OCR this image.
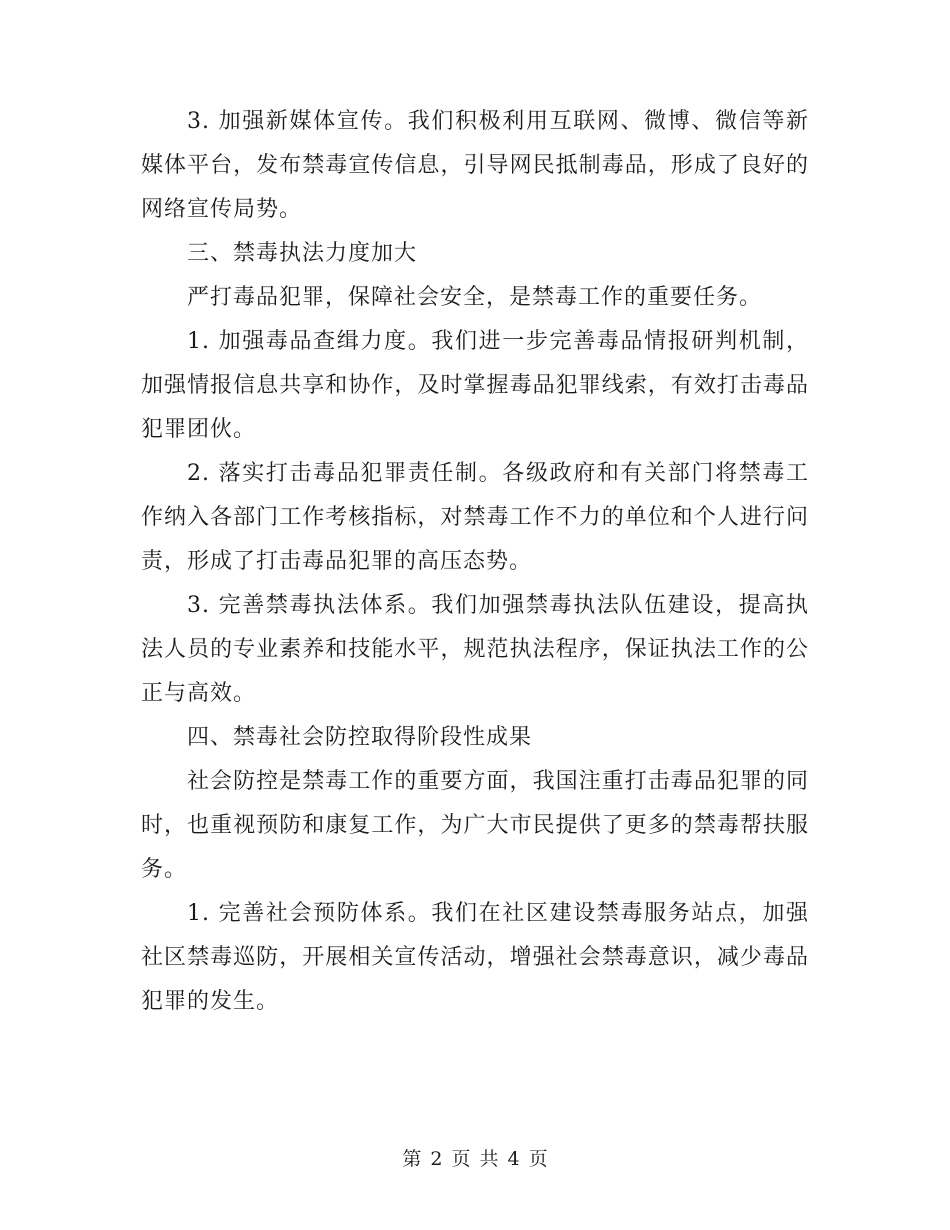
3. 加强新媒体宣传。我们积极利用互联网、微博、微信等新媒体平台，发布禁毒宣传信息，引导网民抵制毒品，形成了良好的网络宣传局势。

三、禁毒执法力度加大

严打毒品犯罪，保障社会安全，是禁毒工作的重要任务。

1. 加强毒品查缉力度。我们进一步完善毒品情报研判机制，加强情报信息共享和协作，及时掌握毒品犯罪线索，有效打击毒品犯罪团伙。

2. 落实打击毒品犯罪责任制。各级政府和有关部门将禁毒工作纳入各部门工作考核指标，对禁毒工作不力的单位和个人进行问责，形成了打击毒品犯罪的高压态势。

3. 完善禁毒执法体系。我们加强禁毒执法队伍建设，提高执法人员的专业素养和技能水平，规范执法程序，保证执法工作的公正与高效。

四、禁毒社会防控取得阶段性成果

社会防控是禁毒工作的重要方面，我国注重打击毒品犯罪的同时，也重视预防和康复工作，为广大市民提供了更多的禁毒帮扶服务。

1. 完善社会预防体系。我们在社区建设禁毒服务站点，加强社区禁毒巡防，开展相关宣传活动，增强社会禁毒意识，减少毒品犯罪的发生。

第 2 页 共 4 页
